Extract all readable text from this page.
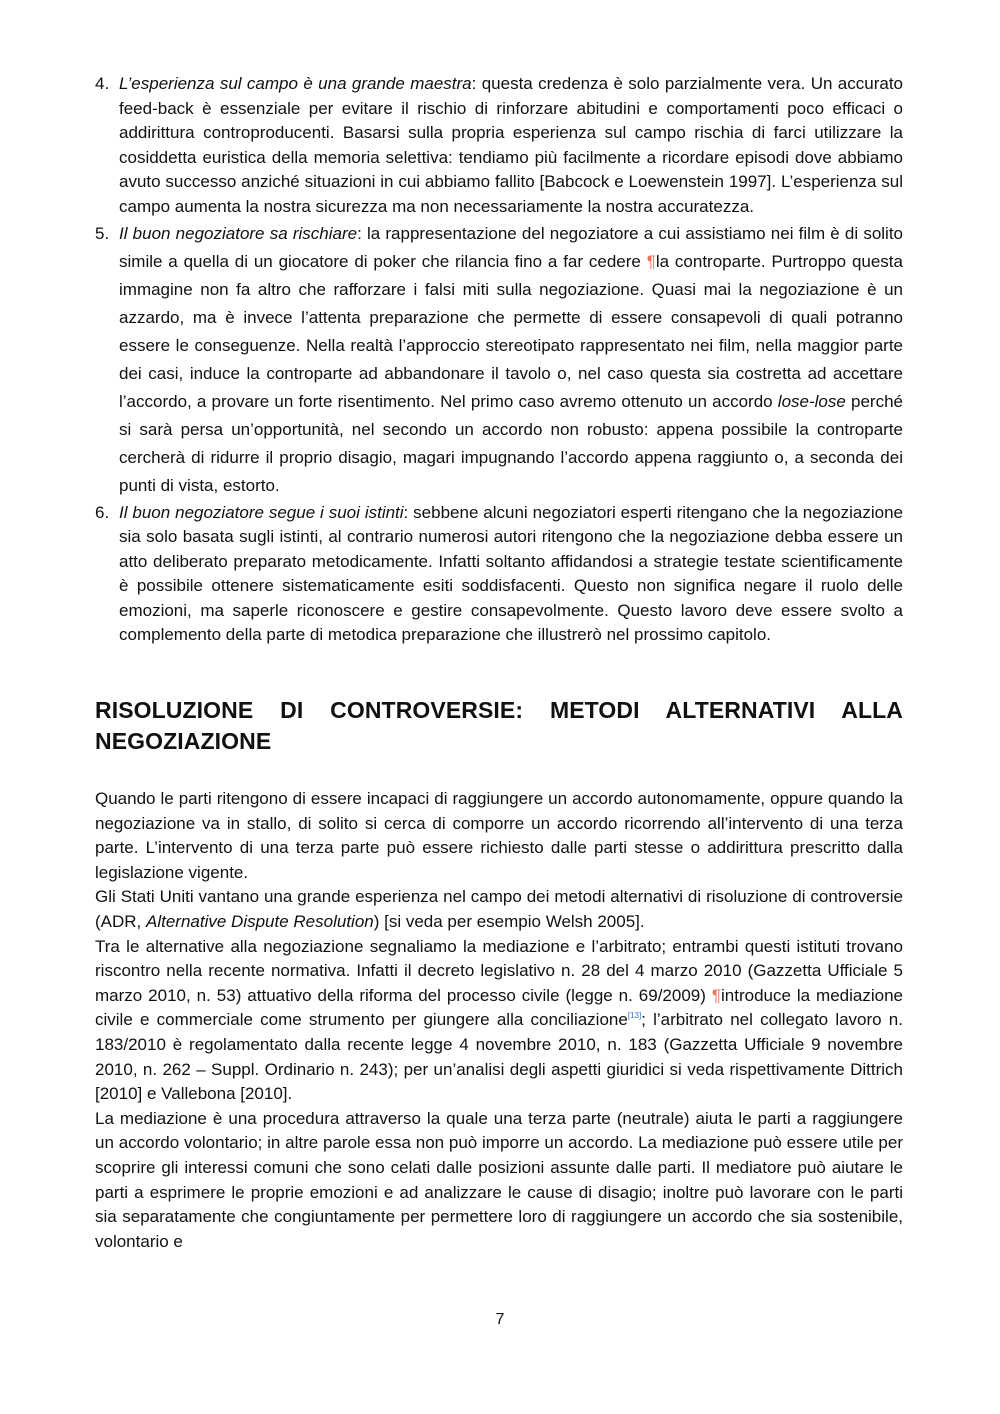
4. L’esperienza sul campo è una grande maestra: questa credenza è solo parzialmente vera. Un accurato feed-back è essenziale per evitare il rischio di rinforzare abitudini e comportamenti poco efficaci o addirittura controproducenti. Basarsi sulla propria esperienza sul campo rischia di farci utilizzare la cosiddetta euristica della memoria selettiva: tendiamo più facilmente a ricordare episodi dove abbiamo avuto successo anziché situazioni in cui abbiamo fallito [Babcock e Loewenstein 1997]. L’esperienza sul campo aumenta la nostra sicurezza ma non necessariamente la nostra accuratezza.
5. Il buon negoziatore sa rischiare: la rappresentazione del negoziatore a cui assistiamo nei film è di solito simile a quella di un giocatore di poker che rilancia fino a far cedere ¶la controparte. Purtroppo questa immagine non fa altro che rafforzare i falsi miti sulla negoziazione. Quasi mai la negoziazione è un azzardo, ma è invece l’attenta preparazione che permette di essere consapevoli di quali potranno essere le conseguenze. Nella realtà l’approccio stereotipato rappresentato nei film, nella maggior parte dei casi, induce la controparte ad abbandonare il tavolo o, nel caso questa sia costretta ad accettare l’accordo, a provare un forte risentimento. Nel primo caso avremo ottenuto un accordo lose-lose perché si sarà persa un’opportunità, nel secondo un accordo non robusto: appena possibile la controparte cercherà di ridurre il proprio disagio, magari impugnando l’accordo appena raggiunto o, a seconda dei punti di vista, estorto.
6. Il buon negoziatore segue i suoi istinti: sebbene alcuni negoziatori esperti ritengano che la negoziazione sia solo basata sugli istinti, al contrario numerosi autori ritengono che la negoziazione debba essere un atto deliberato preparato metodicamente. Infatti soltanto affidandosi a strategie testate scientificamente è possibile ottenere sistematicamente esiti soddisfacenti. Questo non significa negare il ruolo delle emozioni, ma saperle riconoscere e gestire consapevolmente. Questo lavoro deve essere svolto a complemento della parte di metodica preparazione che illustrerò nel prossimo capitolo.
RISOLUZIONE DI CONTROVERSIE: METODI ALTERNATIVI ALLA NEGOZIAZIONE

Quando le parti ritengono di essere incapaci di raggiungere un accordo autonomamente, oppure quando la negoziazione va in stallo, di solito si cerca di comporre un accordo ricorrendo all’intervento di una terza parte. L’intervento di una terza parte può essere richiesto dalle parti stesse o addirittura prescritto dalla legislazione vigente.

Gli Stati Uniti vantano una grande esperienza nel campo dei metodi alternativi di risoluzione di controversie (ADR, Alternative Dispute Resolution) [si veda per esempio Welsh 2005].

Tra le alternative alla negoziazione segnaliamo la mediazione e l’arbitrato; entrambi questi istituti trovano riscontro nella recente normativa. Infatti il decreto legislativo n. 28 del 4 marzo 2010 (Gazzetta Ufficiale 5 marzo 2010, n. 53) attuativo della riforma del processo civile (legge n. 69/2009) ¶introduce la mediazione civile e commerciale come strumento per giungere alla conciliazione[13]; l’arbitrato nel collegato lavoro n. 183/2010 è regolamentato dalla recente legge 4 novembre 2010, n. 183 (Gazzetta Ufficiale 9 novembre 2010, n. 262 – Suppl. Ordinario n. 243); per un’analisi degli aspetti giuridici si veda rispettivamente Dittrich [2010] e Vallebona [2010].

La mediazione è una procedura attraverso la quale una terza parte (neutrale) aiuta le parti a raggiungere un accordo volontario; in altre parole essa non può imporre un accordo. La mediazione può essere utile per scoprire gli interessi comuni che sono celati dalle posizioni assunte dalle parti. Il mediatore può aiutare le parti a esprimere le proprie emozioni e ad analizzare le cause di disagio; inoltre può lavorare con le parti sia separatamente che congiuntamente per permettere loro di raggiungere un accordo che sia sostenibile, volontario e

7
